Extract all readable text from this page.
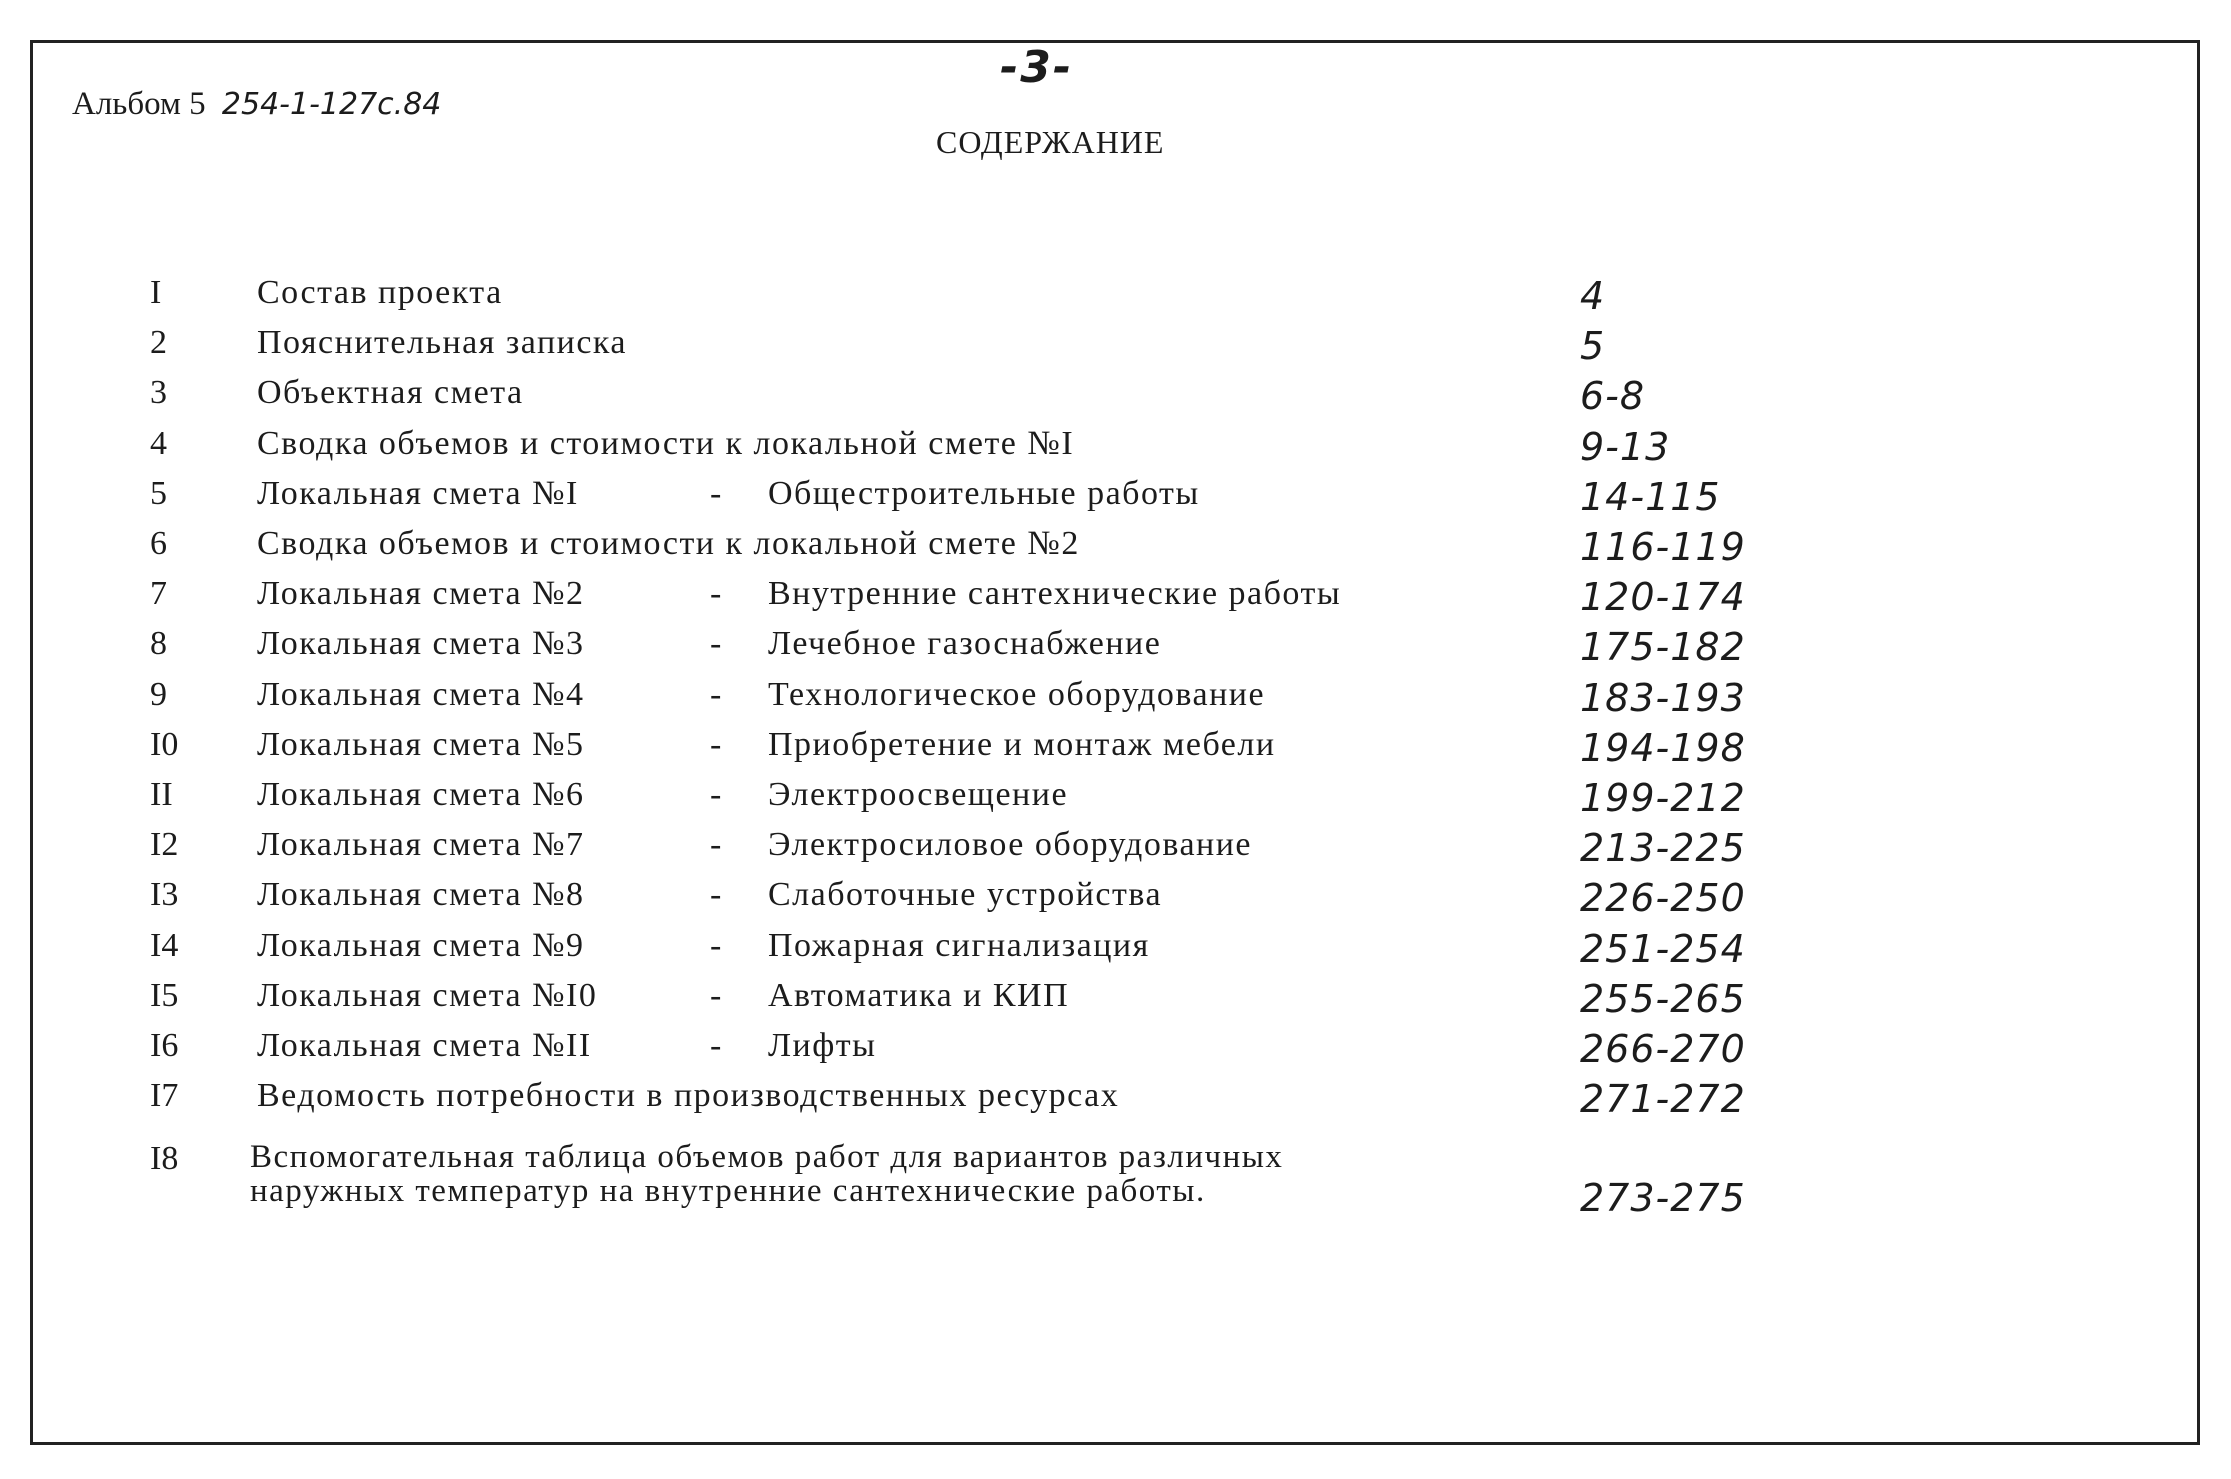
-3-
Альбом 5 254-1-127с.84
СОДЕРЖАНИЕ
I	Состав проекта	4
2	Пояснительная записка	5
3	Объектная смета	6-8
4	Сводка объемов и стоимости к локальной смете №I	9-13
5	Локальная смета №I	- Общестроительные работы	14-115
6	Сводка объемов и стоимости к локальной смете №2	116-119
7	Локальная смета №2	- Внутренние сантехнические работы	120-174
8	Локальная смета №3	- Лечебное газоснабжение	175-182
9	Локальная смета №4	- Технологическое оборудование	183-193
I0	Локальная смета №5	- Приобретение и монтаж мебели	194-198
II	Локальная смета №6	- Электроосвещение	199-212
I2	Локальная смета №7	- Электросиловое оборудование	213-225
I3	Локальная смета №8	- Слаботочные устройства	226-250
I4	Локальная смета №9	- Пожарная сигнализация	251-254
I5	Локальная смета №I0	- Автоматика и КИП	255-265
I6	Локальная смета №II	- Лифты	266-270
I7	Ведомость потребности в производственных ресурсах	271-272
I8	Вспомогательная таблица объемов работ для вариантов различных
наружных температур на внутренние сантехнические работы.	273-275
